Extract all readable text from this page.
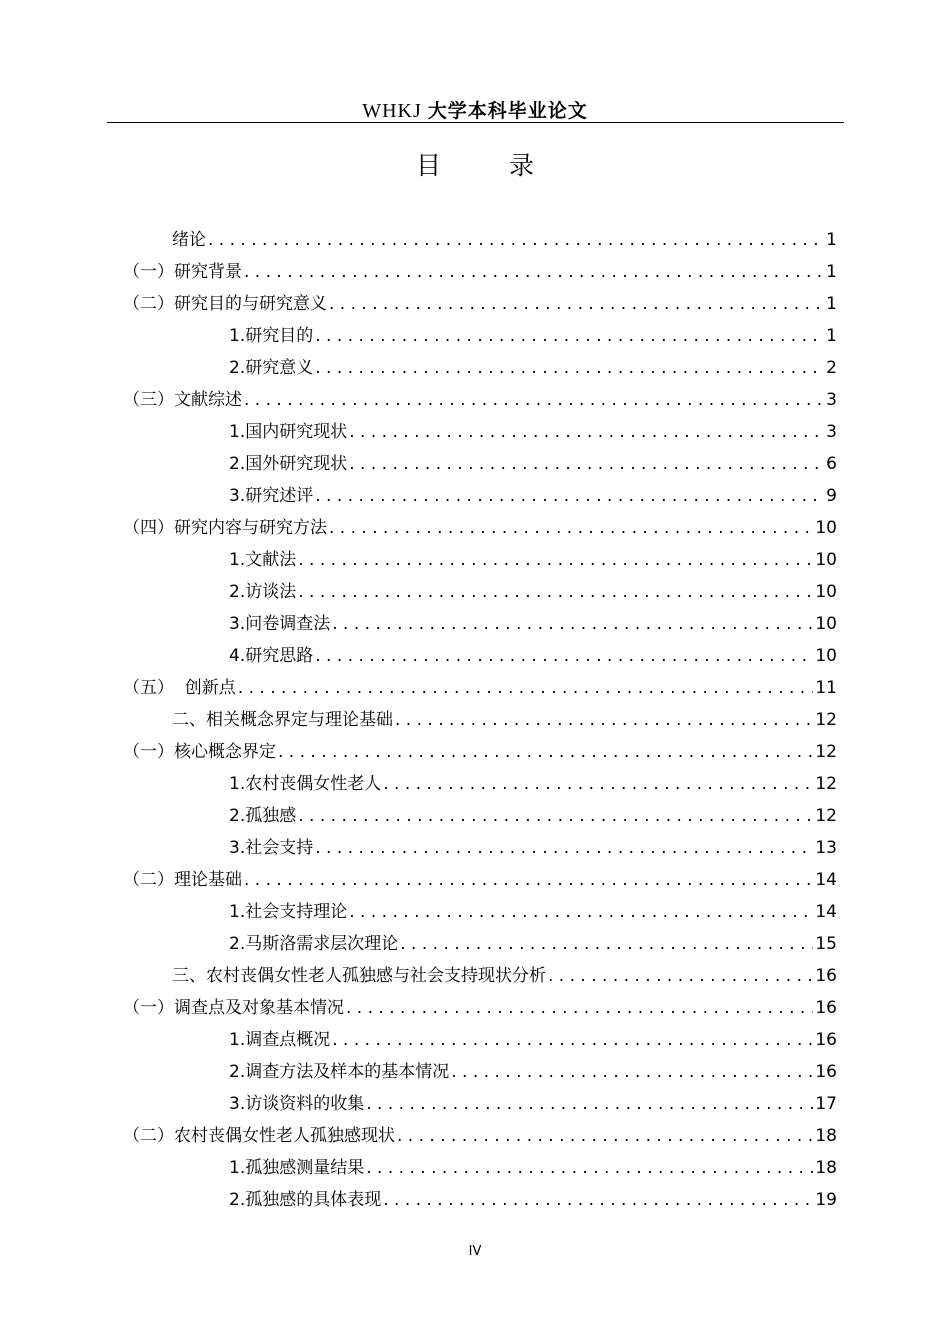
WHKJ 大学本科毕业论文
目 录
绪论 . . .	1
（一）研究背景 . . .	1
（二）研究目的与研究意义 . . .	1
1.研究目的 . . .	1
2.研究意义 . . .	2
（三）文献综述 . . .	3
1.国内研究现状 . . .	3
2.国外研究现状 . . .	6
3.研究述评 . . .	9
（四）研究内容与研究方法 . . .	10
1.文献法 . . .	10
2.访谈法 . . .	10
3.问卷调查法 . . .	10
4.研究思路 . . .	10
（五）  创新点 . . .	11
二、相关概念界定与理论基础 . . .	12
（一）核心概念界定 . . .	12
1.农村丧偶女性老人 . . .	12
2.孤独感 . . .	12
3.社会支持 . . .	13
（二）理论基础 . . .	14
1.社会支持理论 . . .	14
2.马斯洛需求层次理论 . . .	15
三、农村丧偶女性老人孤独感与社会支持现状分析 . . .	16
（一）调查点及对象基本情况 . . .	16
1.调查点概况 . . .	16
2.调查方法及样本的基本情况 . . .	16
3.访谈资料的收集 . . .	17
（二）农村丧偶女性老人孤独感现状 . . .	18
1.孤独感测量结果 . . .	18
2.孤独感的具体表现 . . .	19
IV
